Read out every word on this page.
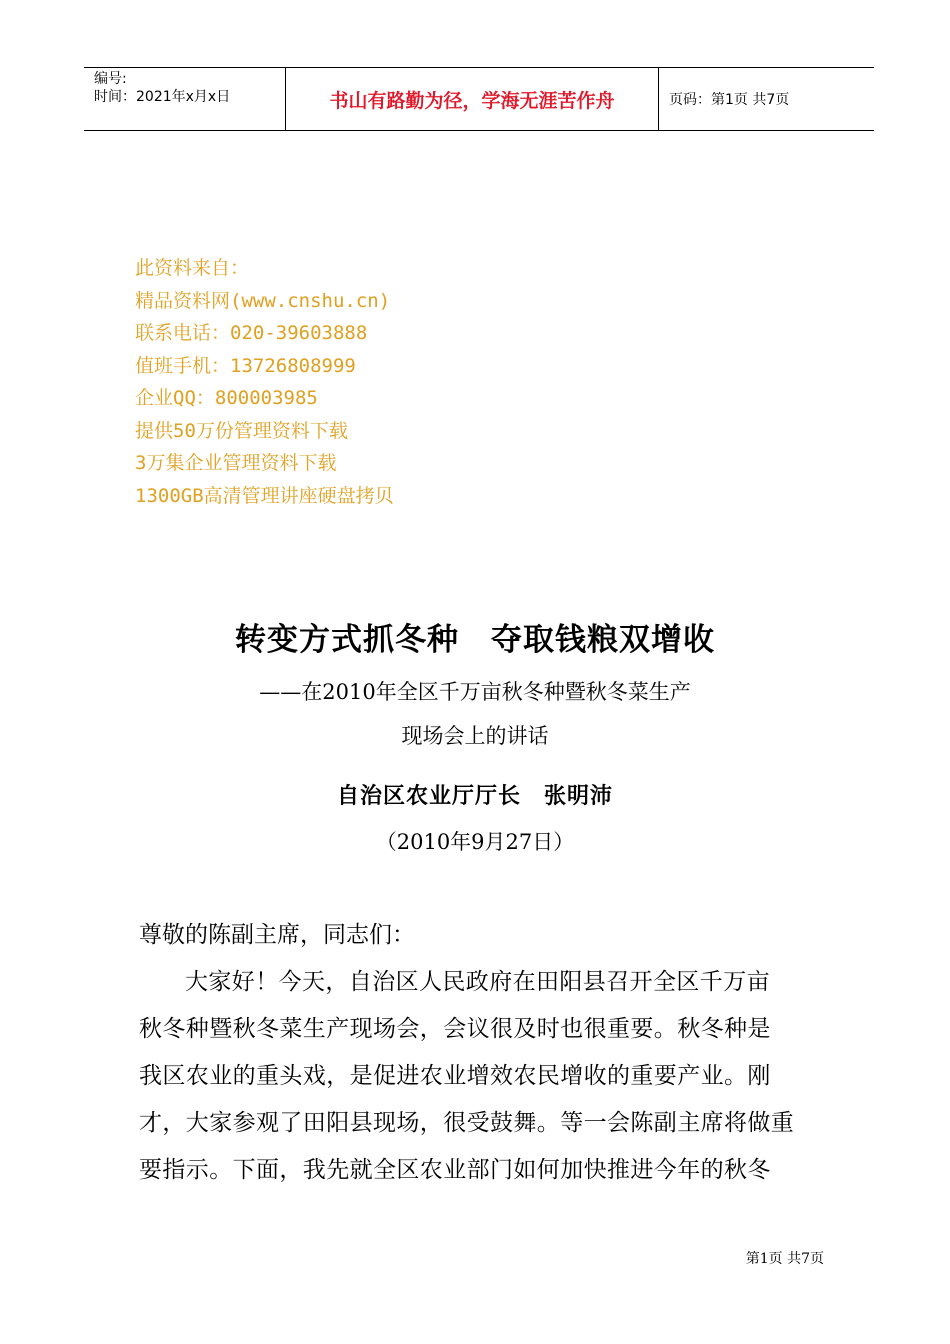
编号:
时间：2021年x月x日	书山有路勤为径，学海无涯苦作舟	页码：第1页 共7页
此资料来自：
精品资料网(www.cnshu.cn)
联系电话：020-39603888
值班手机：13726808999
企业QQ：800003985
提供50万份管理资料下载
3万集企业管理资料下载
1300GB高清管理讲座硬盘拷贝
转变方式抓冬种　夺取钱粮双增收
——在2010年全区千万亩秋冬种暨秋冬菜生产
现场会上的讲话
自治区农业厅厅长　张明沛
（2010年9月27日）
尊敬的陈副主席，同志们：
大家好！今天，自治区人民政府在田阳县召开全区千万亩
秋冬种暨秋冬菜生产现场会，会议很及时也很重要。秋冬种是
我区农业的重头戏，是促进农业增效农民增收的重要产业。刚
才，大家参观了田阳县现场，很受鼓舞。等一会陈副主席将做重
要指示。下面，我先就全区农业部门如何加快推进今年的秋冬
第1页 共7页
